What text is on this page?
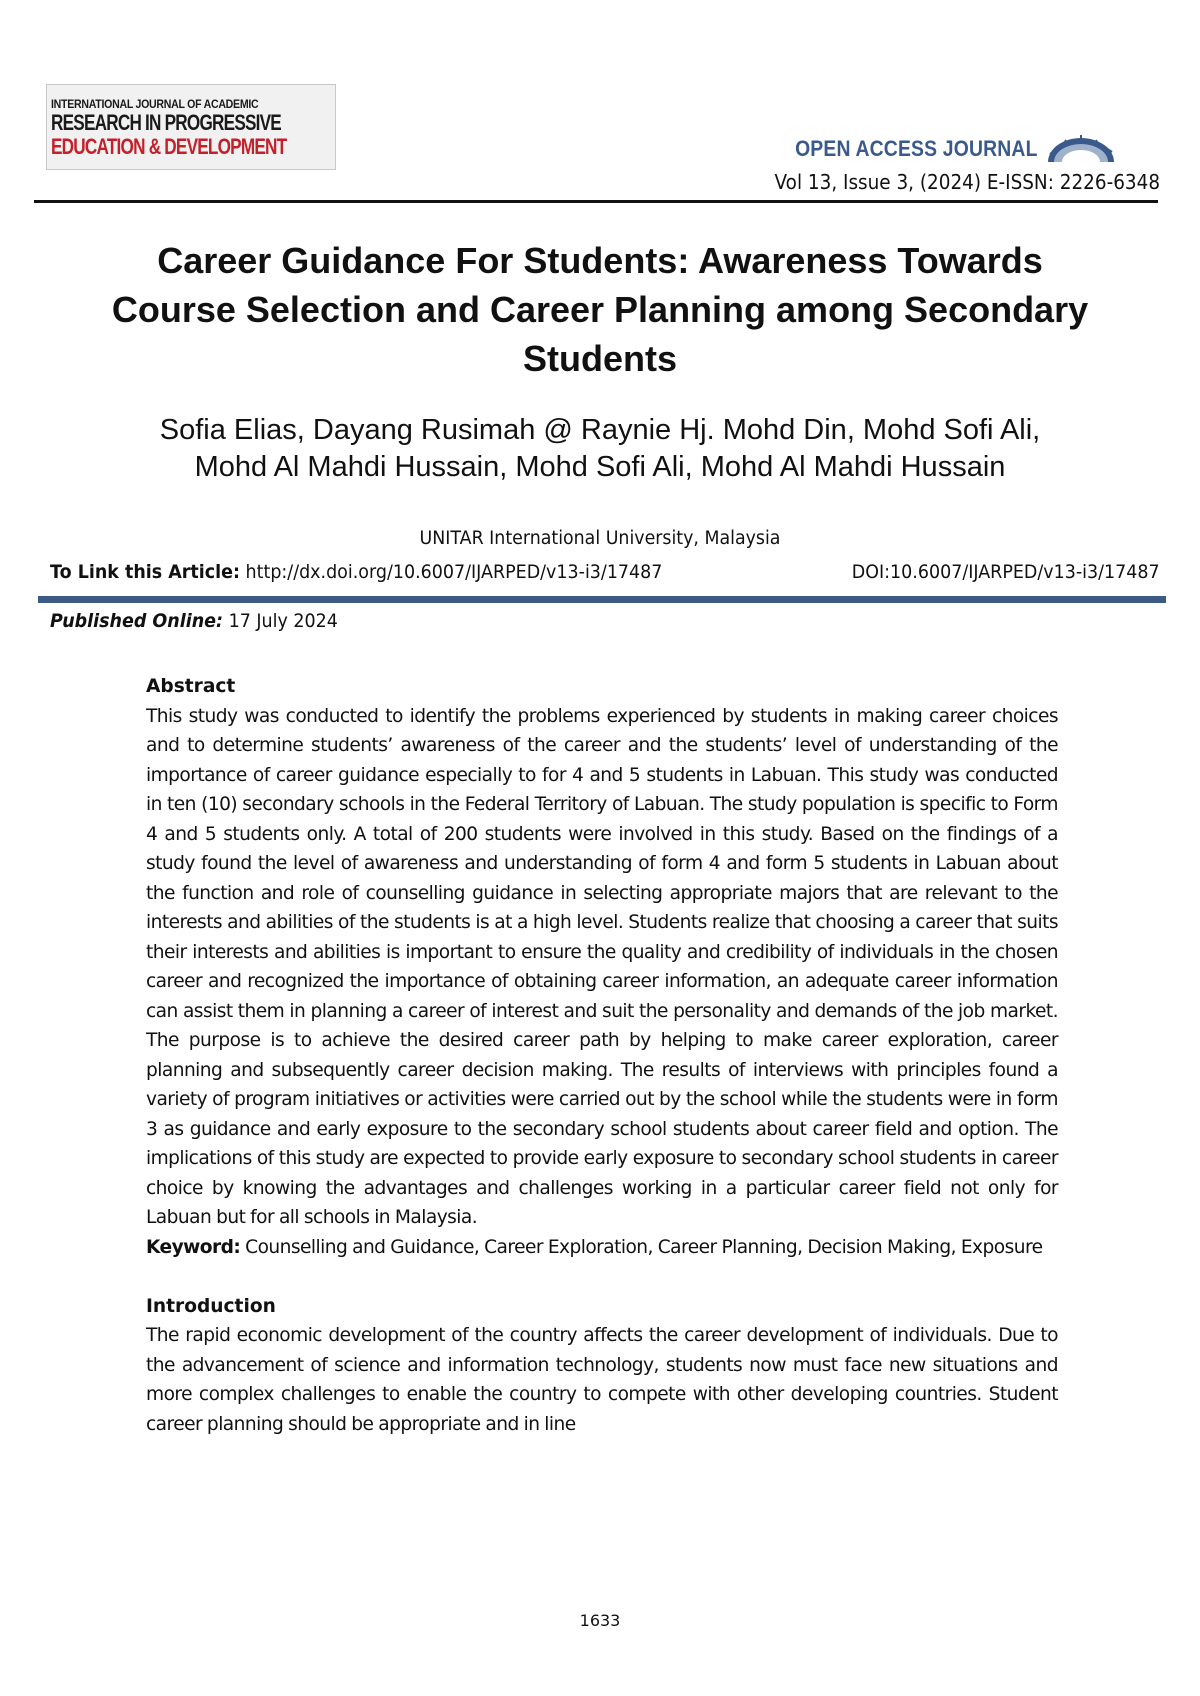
INTERNATIONAL JOURNAL OF ACADEMIC
RESEARCH IN PROGRESSIVE
EDUCATION & DEVELOPMENT	OPEN ACCESS JOURNAL
Vol 13, Issue 3, (2024) E-ISSN: 2226-6348
Career Guidance For Students: Awareness Towards Course Selection and Career Planning among Secondary Students
Sofia Elias, Dayang Rusimah @ Raynie Hj. Mohd Din, Mohd Sofi Ali, Mohd Al Mahdi Hussain, Mohd Sofi Ali, Mohd Al Mahdi Hussain
UNITAR International University, Malaysia
To Link this Article: http://dx.doi.org/10.6007/IJARPED/v13-i3/17487	DOI:10.6007/IJARPED/v13-i3/17487
Published Online: 17 July 2024
Abstract

This study was conducted to identify the problems experienced by students in making career choices and to determine students’ awareness of the career and the students’ level of understanding of the importance of career guidance especially to for 4 and 5 students in Labuan. This study was conducted in ten (10) secondary schools in the Federal Territory of Labuan. The study population is specific to Form 4 and 5 students only. A total of 200 students were involved in this study. Based on the findings of a study found the level of awareness and understanding of form 4 and form 5 students in Labuan about the function and role of counselling guidance in selecting appropriate majors that are relevant to the interests and abilities of the students is at a high level. Students realize that choosing a career that suits their interests and abilities is important to ensure the quality and credibility of individuals in the chosen career and recognized the importance of obtaining career information, an adequate career information can assist them in planning a career of interest and suit the personality and demands of the job market. The purpose is to achieve the desired career path by helping to make career exploration, career planning and subsequently career decision making. The results of interviews with principles found a variety of program initiatives or activities were carried out by the school while the students were in form 3 as guidance and early exposure to the secondary school students about career field and option. The implications of this study are expected to provide early exposure to secondary school students in career choice by knowing the advantages and challenges working in a particular career field not only for Labuan but for all schools in Malaysia.

Keyword: Counselling and Guidance, Career Exploration, Career Planning, Decision Making, Exposure

Introduction

The rapid economic development of the country affects the career development of individuals. Due to the advancement of science and information technology, students now must face new situations and more complex challenges to enable the country to compete with other developing countries. Student career planning should be appropriate and in line

1633
